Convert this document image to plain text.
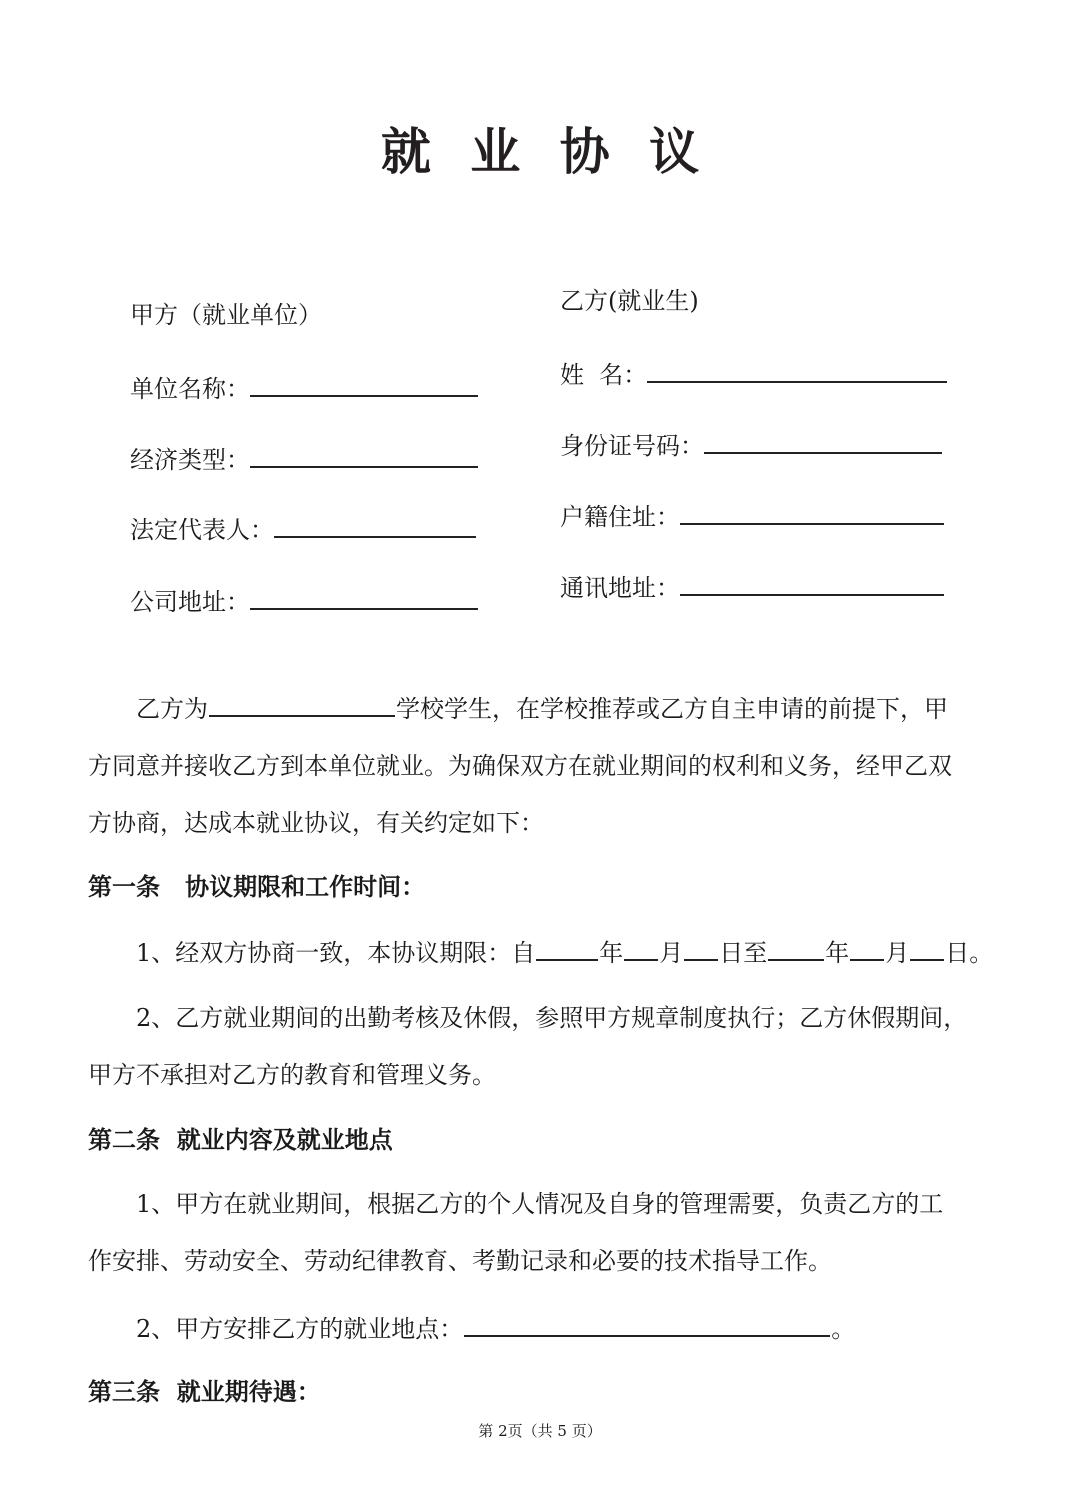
就 业 协 议
甲方（就业单位）
单位名称：
经济类型：
法定代表人：
公司地址：
乙方(就业生)
姓  名：
身份证号码：
户籍住址：
通讯地址：
乙方为	学校学生，在学校推荐或乙方自主申请的前提下，甲
方同意并接收乙方到本单位就业。为确保双方在就业期间的权利和义务，经甲乙双
方协商，达成本就业协议，有关约定如下：
第一条   协议期限和工作时间：
1、经双方协商一致，本协议期限：自	年 月 日至 年 月 日。
2、乙方就业期间的出勤考核及休假，参照甲方规章制度执行；乙方休假期间，
甲方不承担对乙方的教育和管理义务。
第二条  就业内容及就业地点
1、甲方在就业期间，根据乙方的个人情况及自身的管理需要，负责乙方的工
作安排、劳动安全、劳动纪律教育、考勤记录和必要的技术指导工作。
2、甲方安排乙方的就业地点：	。
第三条  就业期待遇：
第 2页（共 5 页）
